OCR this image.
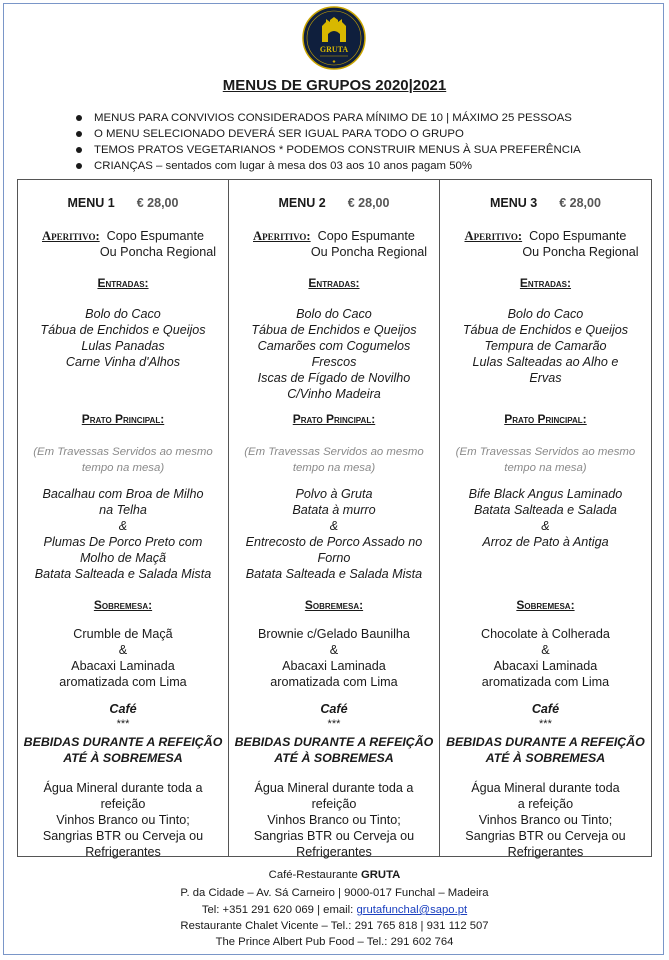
GRUTA
MENUS DE GRUPOS 2020|2021
MENUS PARA CONVIVIOS CONSIDERADOS PARA MÍNIMO DE 10 | MÁXIMO 25 PESSOAS
O MENU SELECIONADO DEVERÁ SER IGUAL PARA TODO O GRUPO
TEMOS PRATOS VEGETARIANOS * PODEMOS CONSTRUIR MENUS À SUA PREFERÊNCIA
CRIANÇAS – sentados com lugar à mesa dos 03 aos 10 anos pagam 50%
MENU 1 € 28,00
Aperitivo: Copo Espumante
Ou Poncha Regional
Entradas:
Bolo do Caco
Tábua de Enchidos e Queijos
Lulas Panadas
Carne Vinha d'Alhos
Prato Principal:
(Em Travessas Servidos ao mesmo
tempo na mesa)
Bacalhau com Broa de Milho
na Telha
&
Plumas De Porco Preto com
Molho de Maçã
Batata Salteada e Salada Mista
Sobremesa:
Crumble de Maçã
&
Abacaxi Laminada
aromatizada com Lima
Café
***
BEBIDAS DURANTE A REFEIÇÃO
ATÉ À SOBREMESA
Água Mineral durante toda a
refeição
Vinhos Branco ou Tinto;
Sangrias BTR ou Cerveja ou
Refrigerantes
MENU 2 € 28,00
Aperitivo: Copo Espumante
Ou Poncha Regional
Entradas:
Bolo do Caco
Tábua de Enchidos e Queijos
Camarões com Cogumelos
Frescos
Iscas de Fígado de Novilho
C/Vinho Madeira
Prato Principal:
(Em Travessas Servidos ao mesmo
tempo na mesa)
Polvo à Gruta
Batata à murro
&
Entrecosto de Porco Assado no
Forno
Batata Salteada e Salada Mista
Sobremesa:
Brownie c/Gelado Baunilha
&
Abacaxi Laminada
aromatizada com Lima
Café
***
BEBIDAS DURANTE A REFEIÇÃO
ATÉ À SOBREMESA
Água Mineral durante toda a
refeição
Vinhos Branco ou Tinto;
Sangrias BTR ou Cerveja ou
Refrigerantes
MENU 3 € 28,00
Aperitivo: Copo Espumante
Ou Poncha Regional
Entradas:
Bolo do Caco
Tábua de Enchidos e Queijos
Tempura de Camarão
Lulas Salteadas ao Alho e
Ervas
Prato Principal:
(Em Travessas Servidos ao mesmo
tempo na mesa)
Bife Black Angus Laminado
Batata Salteada e Salada
&
Arroz de Pato à Antiga
Sobremesa:
Chocolate à Colherada
&
Abacaxi Laminada
aromatizada com Lima
Café
***
BEBIDAS DURANTE A REFEIÇÃO
ATÉ À SOBREMESA
Água Mineral durante toda
a refeição
Vinhos Branco ou Tinto;
Sangrias BTR ou Cerveja ou
Refrigerantes
Café-Restaurante GRUTA
P. da Cidade – Av. Sá Carneiro | 9000-017 Funchal – Madeira
Tel: +351 291 620 069 | email: grutafunchal@sapo.pt
Restaurante Chalet Vicente – Tel.: 291 765 818 | 931 112 507
The Prince Albert Pub Food – Tel.: 291 602 764
